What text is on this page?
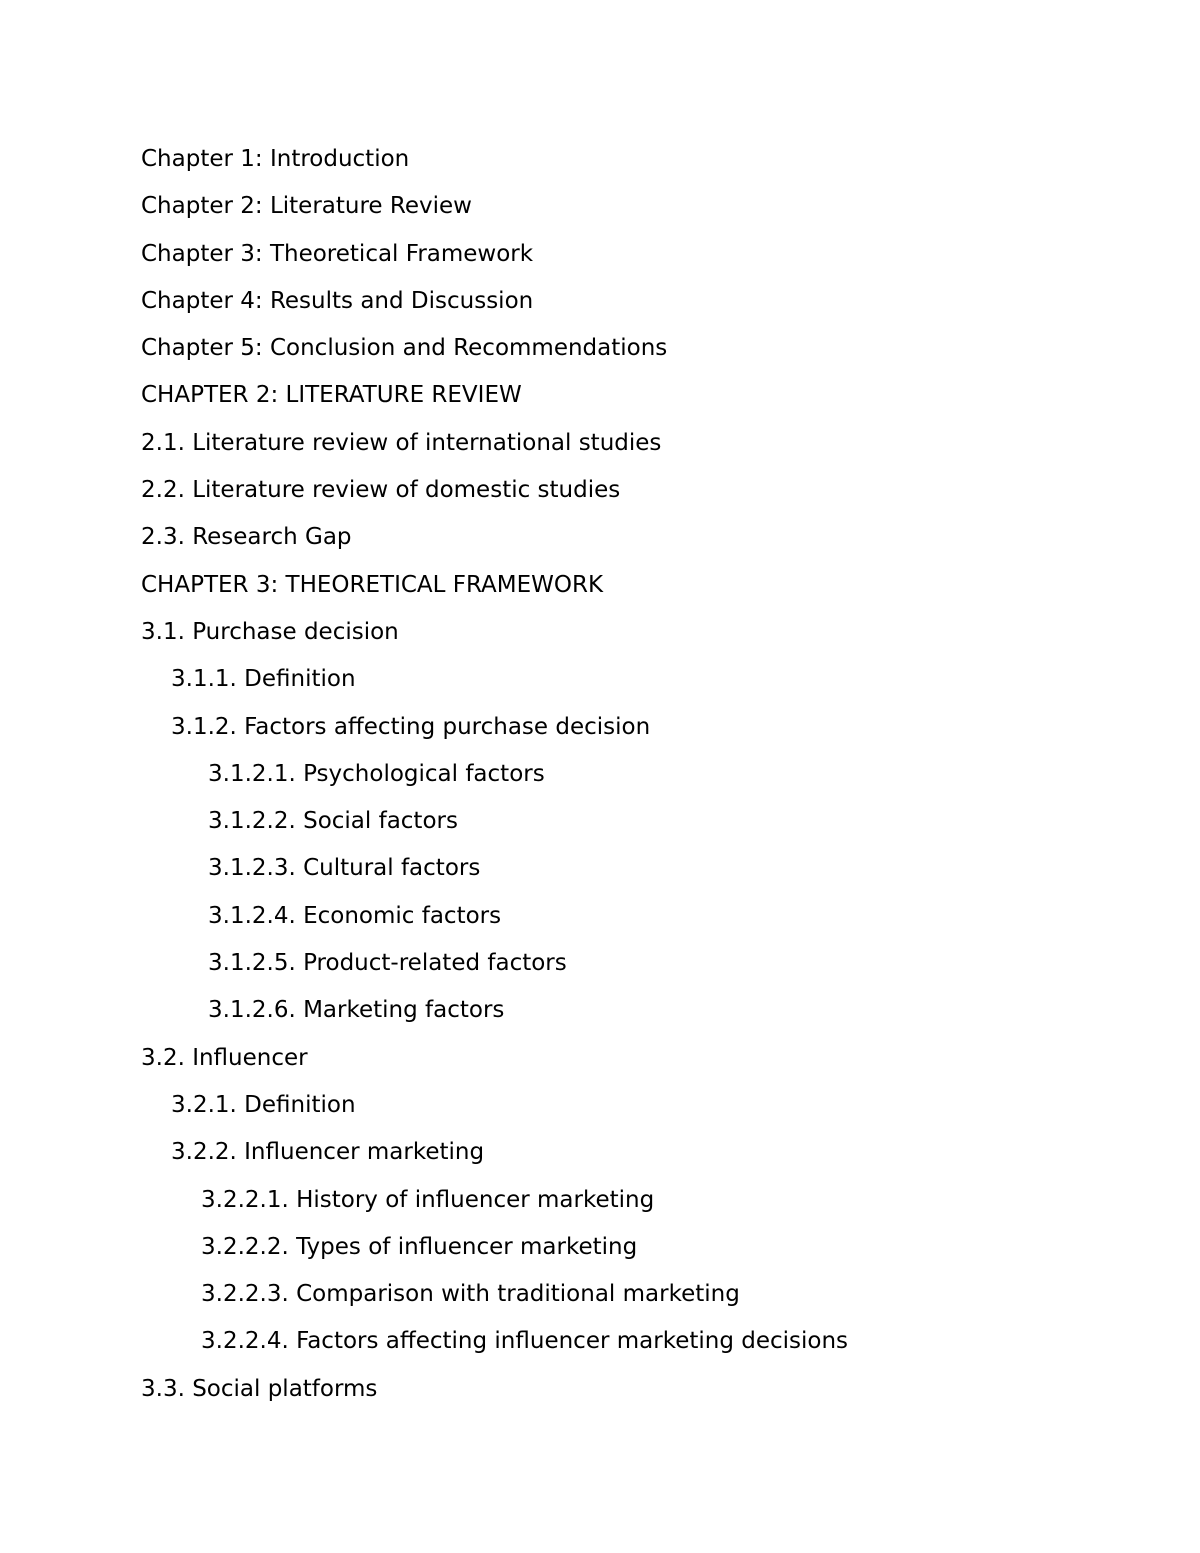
Chapter 1: Introduction
Chapter 2: Literature Review
Chapter 3: Theoretical Framework
Chapter 4: Results and Discussion
Chapter 5: Conclusion and Recommendations
CHAPTER 2: LITERATURE REVIEW
2.1. Literature review of international studies
2.2. Literature review of domestic studies
2.3. Research Gap
CHAPTER 3: THEORETICAL FRAMEWORK
3.1. Purchase decision
3.1.1. Definition
3.1.2. Factors affecting purchase decision
3.1.2.1. Psychological factors
3.1.2.2. Social factors
3.1.2.3. Cultural factors
3.1.2.4. Economic factors
3.1.2.5. Product-related factors
3.1.2.6. Marketing factors
3.2. Influencer
3.2.1. Definition
3.2.2. Influencer marketing
3.2.2.1. History of influencer marketing
3.2.2.2. Types of influencer marketing
3.2.2.3. Comparison with traditional marketing
3.2.2.4. Factors affecting influencer marketing decisions
3.3. Social platforms
